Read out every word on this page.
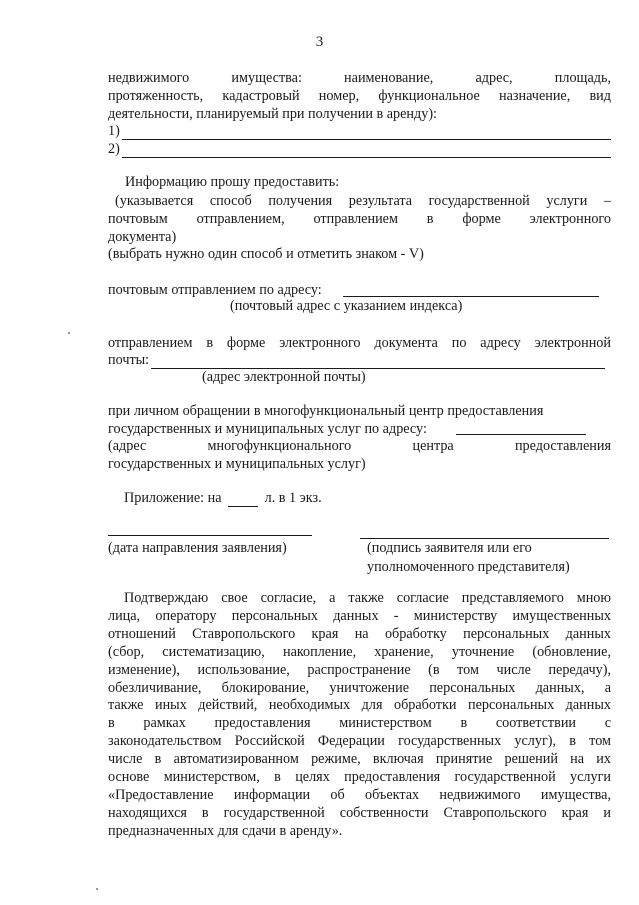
3
недвижимого имущества: наименование, адрес, площадь,
протяженность, кадастровый номер, функциональное назначение, вид
деятельности, планируемый при получении в аренду):
1)
2)
Информацию прошу предоставить:
(указывается способ получения результата государственной услуги –
почтовым отправлением, отправлением в форме электронного
документа)
(выбрать нужно один способ и отметить знаком - V)
почтовым отправлением по адресу:
(почтовый адрес с указанием индекса)
отправлением в форме электронного документа по адресу электронной
почты:
(адрес электронной почты)
при личном обращении в многофункциональный центр предоставления
государственных и муниципальных услуг по адресу:
(адрес многофункционального центра предоставления
государственных и муниципальных услуг)
Приложение: на	л. в 1 экз.
(дата направления заявления)	(подпись заявителя или его
уполномоченного представителя)
Подтверждаю свое согласие, а также согласие представляемого мною
лица, оператору персональных данных - министерству имущественных
отношений Ставропольского края на обработку персональных данных
(сбор, систематизацию, накопление, хранение, уточнение (обновление,
изменение), использование, распространение (в том числе передачу),
обезличивание, блокирование, уничтожение персональных данных, а
также иных действий, необходимых для обработки персональных данных
в рамках предоставления министерством в соответствии с
законодательством Российской Федерации государственных услуг), в том
числе в автоматизированном режиме, включая принятие решений на их
основе министерством, в целях предоставления государственной услуги
«Предоставление информации об объектах недвижимого имущества,
находящихся в государственной собственности Ставропольского края и
предназначенных для сдачи в аренду».
